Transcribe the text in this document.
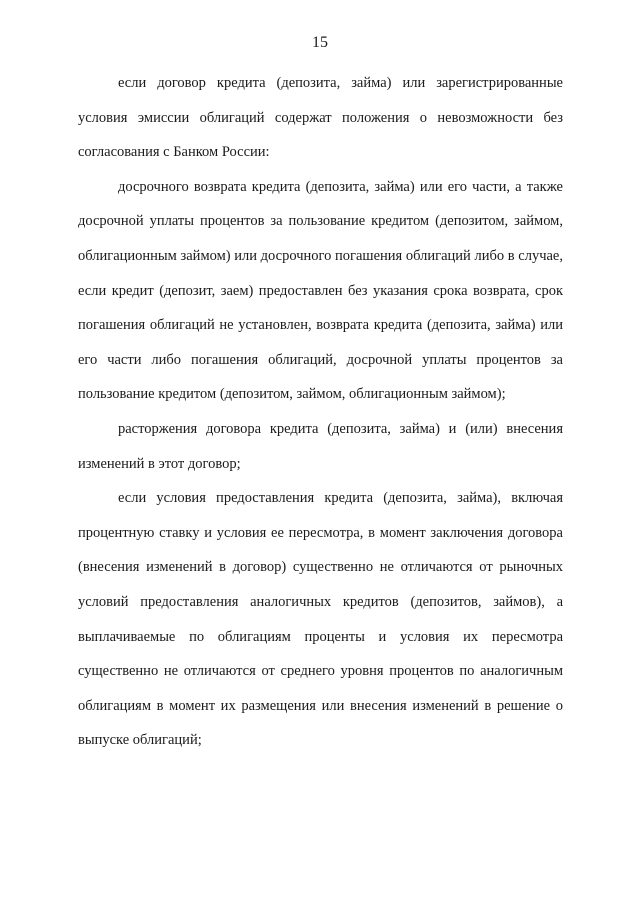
15

если договор кредита (депозита, займа) или зарегистрированные условия эмиссии облигаций содержат положения о невозможности без согласования с Банком России:

досрочного возврата кредита (депозита, займа) или его части, а также досрочной уплаты процентов за пользование кредитом (депозитом, займом, облигационным займом) или досрочного погашения облигаций либо в случае, если кредит (депозит, заем) предоставлен без указания срока возврата, срок погашения облигаций не установлен, возврата кредита (депозита, займа) или его части либо погашения облигаций, досрочной уплаты процентов за пользование кредитом (депозитом, займом, облигационным займом);

расторжения договора кредита (депозита, займа) и (или) внесения изменений в этот договор;

если условия предоставления кредита (депозита, займа), включая процентную ставку и условия ее пересмотра, в момент заключения договора (внесения изменений в договор) существенно не отличаются от рыночных условий предоставления аналогичных кредитов (депозитов, займов), а выплачиваемые по облигациям проценты и условия их пересмотра существенно не отличаются от среднего уровня процентов по аналогичным облигациям в момент их размещения или внесения изменений в решение о выпуске облигаций;
